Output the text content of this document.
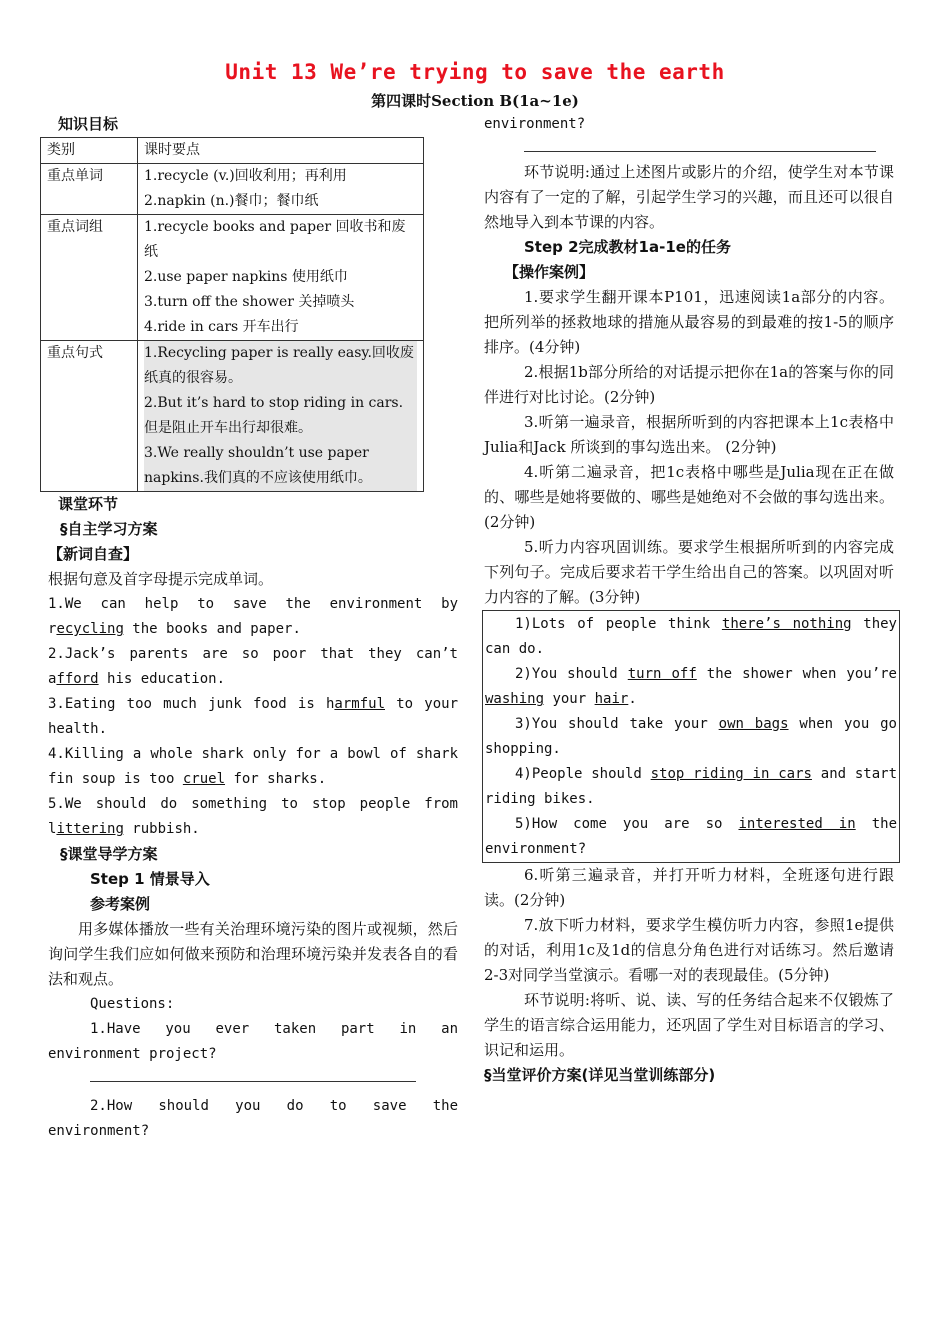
Unit 13 We’re trying to save the earth
第四课时Section B(1a~1e)
知识目标
类别	课时要点
重点单词	1.recycle (v.)回收利用；再利用
2.napkin (n.)餐巾；餐巾纸

重点词组	1.recycle books and paper 回收书和废纸
2.use paper napkins 使用纸巾
3.turn off the shower 关掉喷头
4.ride in cars 开车出行

重点句式	1.Recycling paper is really easy.回收废纸真的很容易。
2.But it’s hard to stop riding in cars.但是阻止开车出行却很难。
3.We really shouldn’t use paper napkins.我们真的不应该使用纸巾。
课堂环节
§自主学习方案
【新词自查】
根据句意及首字母提示完成单词。

1.We can help to save the environment by recycling the books and paper.

2.Jack’s parents are so poor that they can’t afford his education.

3.Eating too much junk food is harmful to your health.

4.Killing a whole shark only for a bowl of shark fin soup is too cruel for sharks.

5.We should do something to stop people from littering rubbish.

§课堂导学方案
Step 1 情景导入
参考案例

用多媒体播放一些有关治理环境污染的图片或视频，然后询问学生我们应如何做来预防和治理环境污染并发表各自的看法和观点。

Questions:

1.Have you ever taken part in an environment project?

2.How should you do to save the environment?

environment?

环节说明:通过上述图片或影片的介绍，使学生对本节课内容有了一定的了解，引起学生学习的兴趣，而且还可以很自然地导入到本节课的内容。

Step 2完成教材1a-1e的任务
【操作案例】

1.要求学生翻开课本P101，迅速阅读1a部分的内容。把所列举的拯救地球的措施从最容易的到最难的按1-5的顺序排序。(4分钟)

2.根据1b部分所给的对话提示把你在1a的答案与你的同伴进行对比讨论。(2分钟)

3.听第一遍录音，根据所听到的内容把课本上1c表格中Julia和Jack 所谈到的事勾选出来。 (2分钟)

4.听第二遍录音，把1c表格中哪些是Julia现在正在做的、哪些是她将要做的、哪些是她绝对不会做的事勾选出来。 (2分钟)

5.听力内容巩固训练。要求学生根据所听到的内容完成下列句子。完成后要求若干学生给出自己的答案。以巩固对听力内容的了解。(3分钟)

1)Lots of people think there’s nothing they can do.

2)You should turn off the shower when you’re washing your hair.

3)You should take your own bags when you go shopping.

4)People should stop riding in cars and start riding bikes.

5)How come you are so interested in the environment?

6.听第三遍录音，并打开听力材料，全班逐句进行跟读。(2分钟)

7.放下听力材料，要求学生模仿听力内容，参照1e提供的对话，利用1c及1d的信息分角色进行对话练习。然后邀请2-3对同学当堂演示。看哪一对的表现最佳。(5分钟)

环节说明:将听、说、读、写的任务结合起来不仅锻炼了学生的语言综合运用能力，还巩固了学生对目标语言的学习、识记和运用。

§当堂评价方案(详见当堂训练部分)
